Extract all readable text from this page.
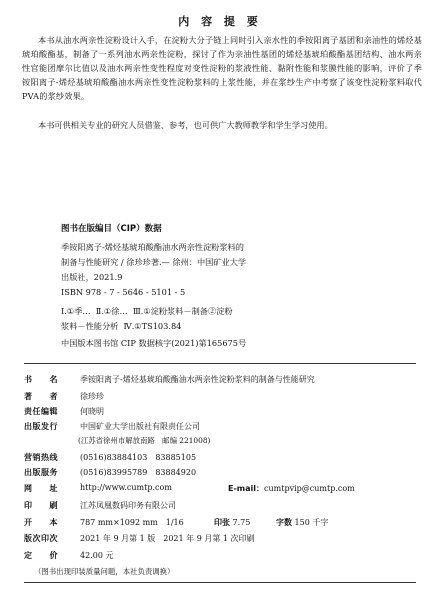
内 容 提 要
本书从油水两亲性淀粉设计入手，在淀粉大分子链上同时引入亲水性的季铵阳离子基团和亲油性的烯烃基琥珀酸酯基，制备了一系列油水两亲性淀粉，探讨了作为亲油性基团的烯烃基琥珀酸酯基团结构、油水两亲性官能团摩尔比值以及油水两亲性变性程度对变性淀粉的浆液性能、黏附性能和浆膜性能的影响，评价了季铵阳离子-烯烃基琥珀酸酯油水两亲性变性淀粉浆料的上浆性能，并在浆纱生产中考察了该变性淀粉浆料取代PVA的浆纱效果。
本书可供相关专业的研究人员借鉴、参考，也可供广大教师教学和学生学习使用。
图书在版编目（CIP）数据
季铵阳离子-烯烃基琥珀酸酯油水两亲性淀粉浆料的
制备与性能研究 / 徐珍珍著.— 徐州：中国矿业大学
出版社，2021.9
ISBN 978 - 7 - 5646 - 5101 - 5
Ⅰ.①季…  Ⅱ.①徐…  Ⅲ.①淀粉浆料－制备②淀粉
浆料－性能分析  Ⅳ.①TS103.84
中国版本图书馆 CIP 数据核字(2021)第165675号
书　　名	季铵阳离子-烯烃基琥珀酸酯油水两亲性淀粉浆料的制备与性能研究
著　　者	徐珍珍
责任编辑	何晓明
出版发行	中国矿业大学出版社有限责任公司
(江苏省徐州市解放南路　邮编 221008)
营销热线	(0516)83884103　83885105
出版服务	(0516)83995789　83884920
网　　址	http://www.cumtp.com	E-mail：cumtpvip@cumtp.com
印　　刷	江苏凤凰数码印务有限公司
开　　本	787 mm×1092 mm　1/16	印张 7.75	字数 150 千字
版次印次	2021 年 9 月第 1 版　2021 年 9 月第 1 次印刷
定　　价	42.00 元
（图书出现印装质量问题，本社负责调换）
